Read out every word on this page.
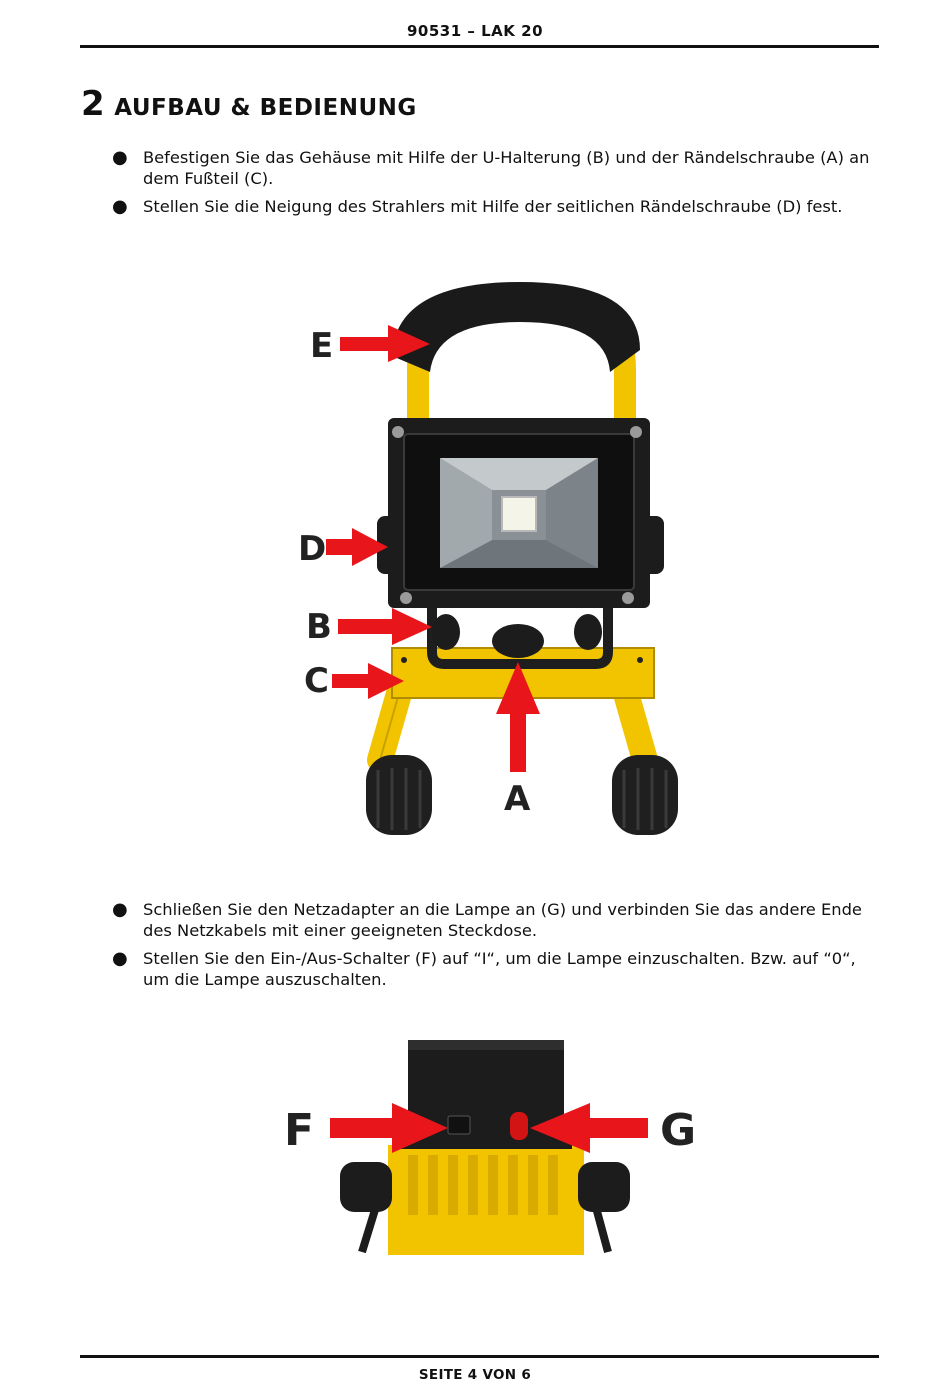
90531 – LAK 20
2 AUFBAU & BEDIENUNG
● Befestigen Sie das Gehäuse mit Hilfe der U-Halterung (B) und der Rändelschraube (A) an dem Fußteil (C).
● Stellen Sie die Neigung des Strahlers mit Hilfe der seitlichen Rändelschraube (D) fest.
E
D
B
C
A
F	G
● Schließen Sie den Netzadapter an die Lampe an (G) und verbinden Sie das andere Ende des Netzkabels mit einer geeigneten Steckdose.
● Stellen Sie den Ein-/Aus-Schalter (F) auf “I“, um die Lampe einzuschalten. Bzw. auf “0“, um die Lampe auszuschalten.
SEITE 4 VON 6
